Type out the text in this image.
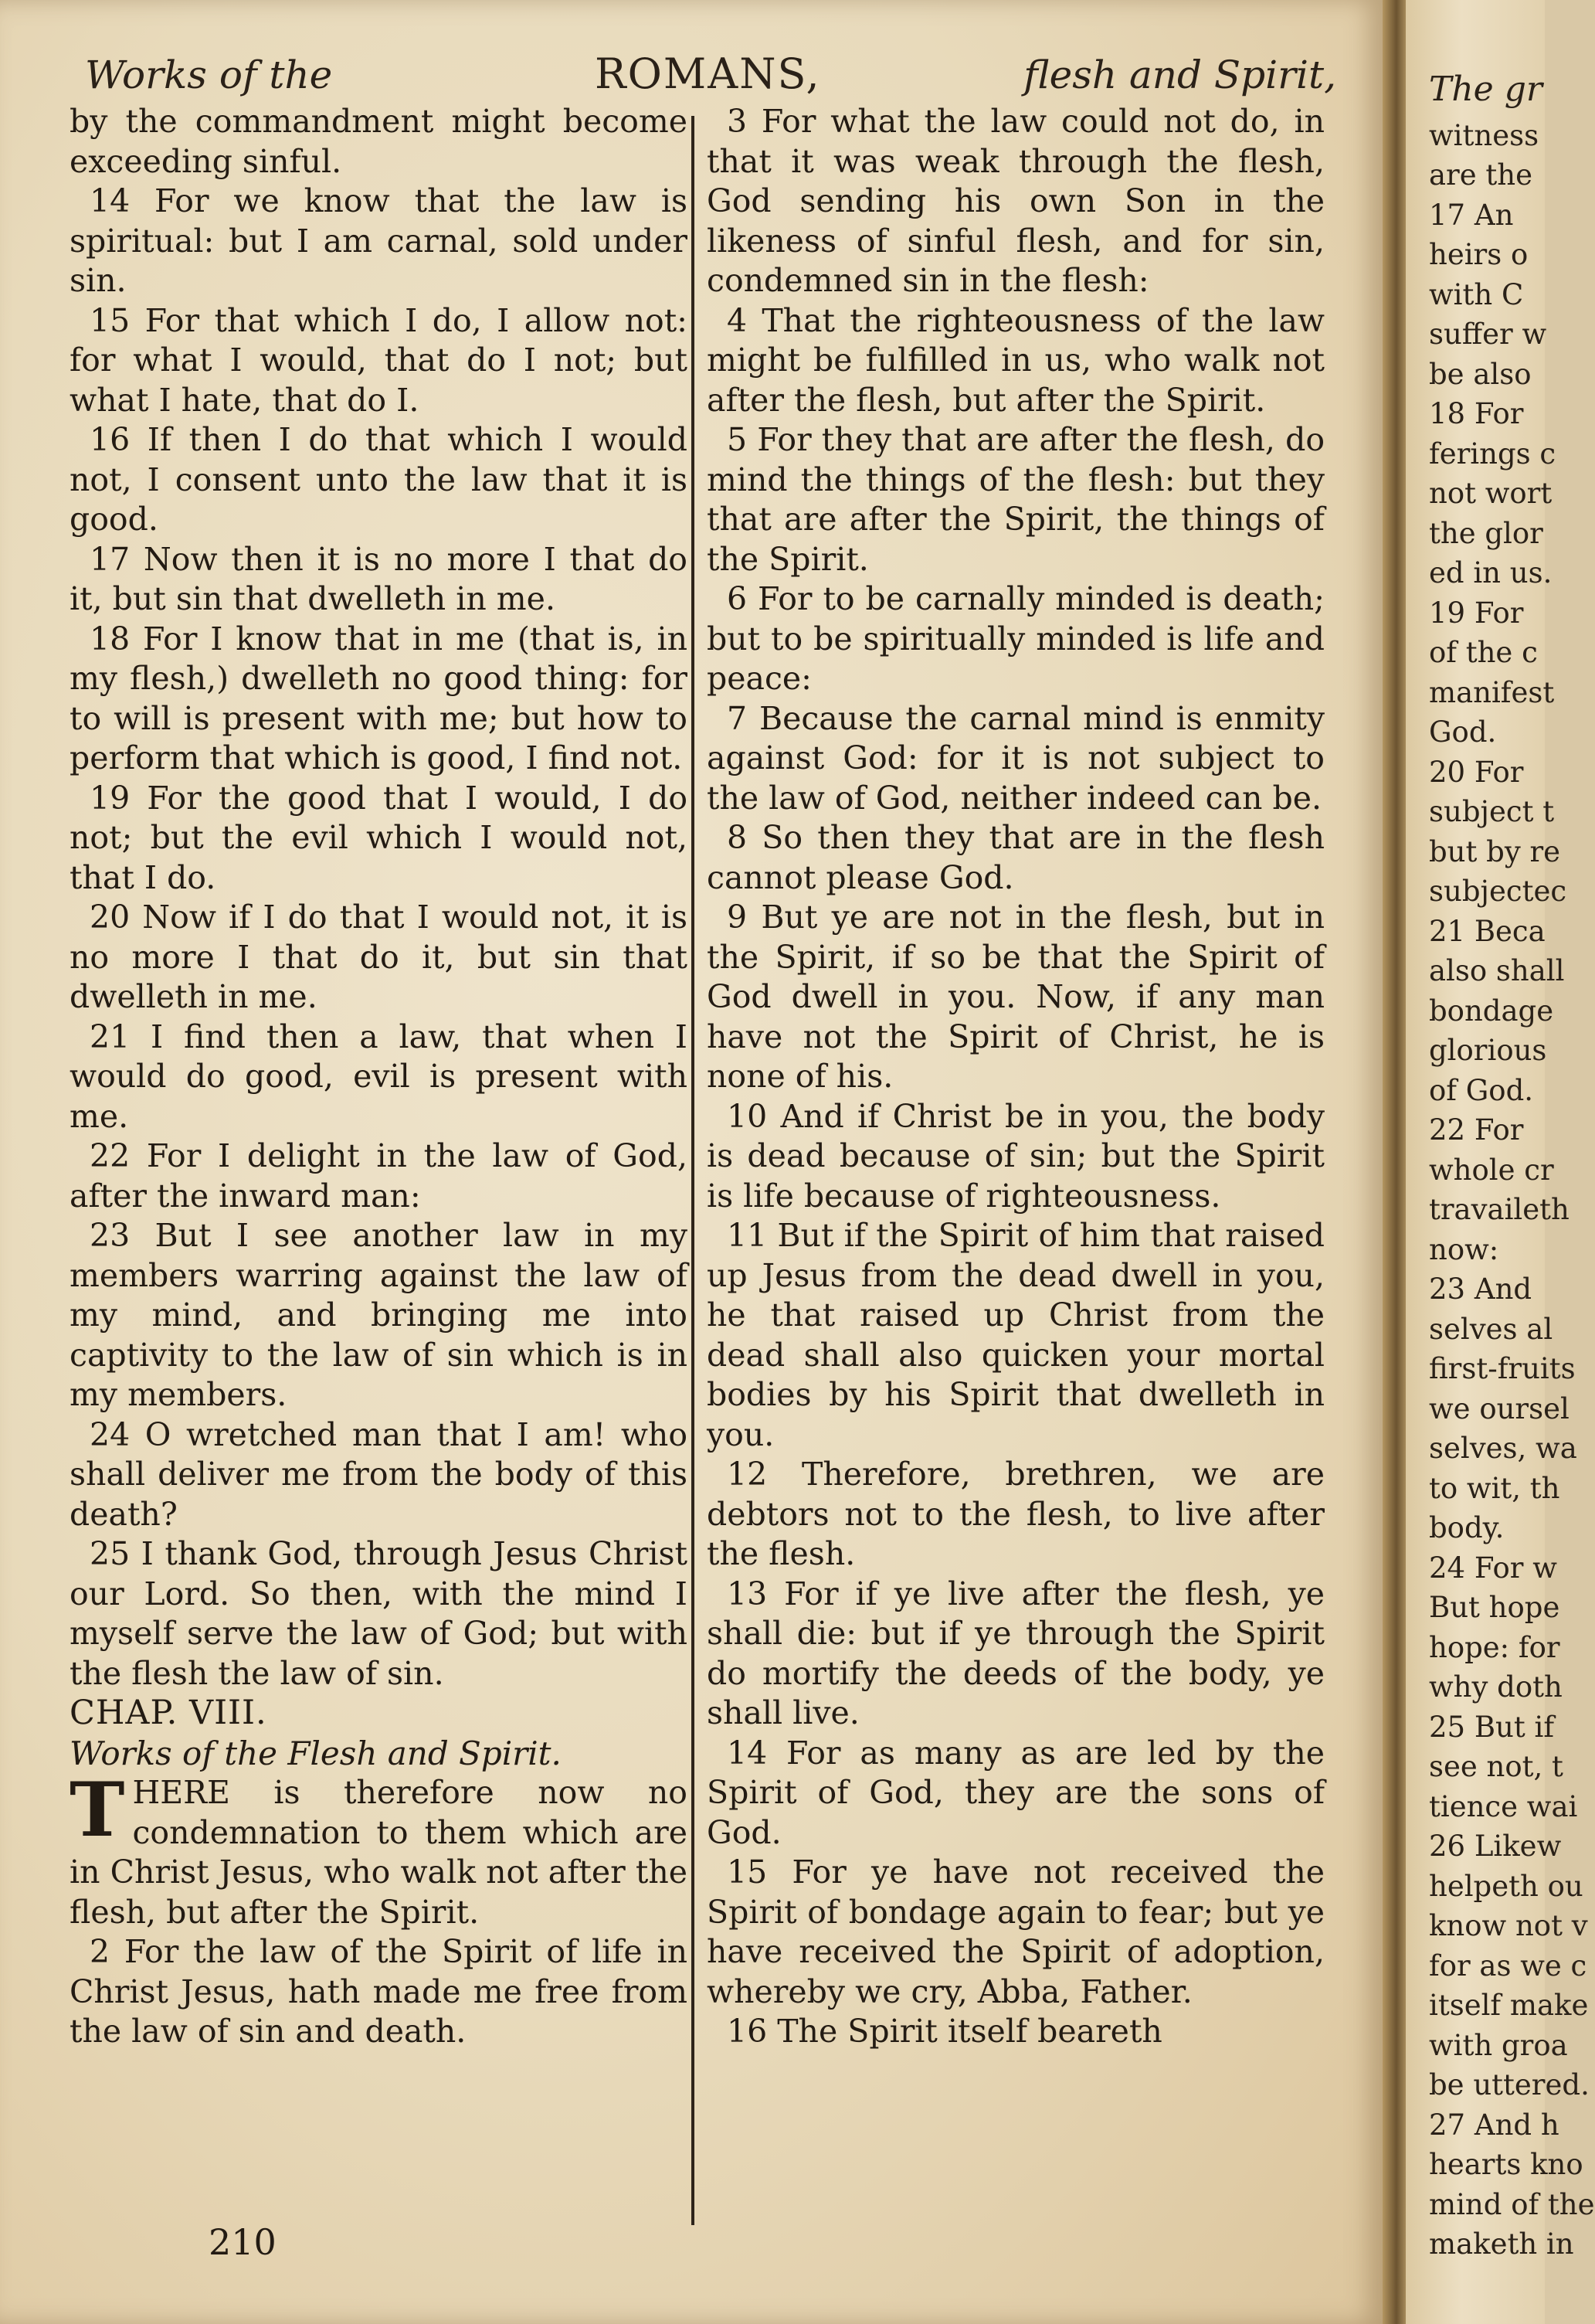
Works of the	ROMANS,	flesh and Spirit,

by the commandment might become exceeding sinful.

14 For we know that the law is spiritual: but I am carnal, sold under sin.

15 For that which I do, I allow not: for what I would, that do I not; but what I hate, that do I.

16 If then I do that which I would not, I consent unto the law that it is good.

17 Now then it is no more I that do it, but sin that dwelleth in me.

18 For I know that in me (that is, in my flesh,) dwelleth no good thing: for to will is present with me; but how to perform that which is good, I find not.

19 For the good that I would, I do not; but the evil which I would not, that I do.

20 Now if I do that I would not, it is no more I that do it, but sin that dwelleth in me.

21 I find then a law, that when I would do good, evil is present with me.

22 For I delight in the law of God, after the inward man:

23 But I see another law in my members warring against the law of my mind, and bringing me into captivity to the law of sin which is in my members.

24 O wretched man that I am! who shall deliver me from the body of this death?

25 I thank God, through Jesus Christ our Lord. So then, with the mind I myself serve the law of God; but with the flesh the law of sin.

CHAP. VIII.

Works of the Flesh and Spirit.

THERE is therefore now no condemnation to them which are in Christ Jesus, who walk not after the flesh, but after the Spirit.

2 For the law of the Spirit of life in Christ Jesus, hath made me free from the law of sin and death.

3 For what the law could not do, in that it was weak through the flesh, God sending his own Son in the likeness of sinful flesh, and for sin, condemned sin in the flesh:

4 That the righteousness of the law might be fulfilled in us, who walk not after the flesh, but after the Spirit.

5 For they that are after the flesh, do mind the things of the flesh: but they that are after the Spirit, the things of the Spirit.

6 For to be carnally minded is death; but to be spiritually minded is life and peace:

7 Because the carnal mind is enmity against God: for it is not subject to the law of God, neither indeed can be.

8 So then they that are in the flesh cannot please God.

9 But ye are not in the flesh, but in the Spirit, if so be that the Spirit of God dwell in you. Now, if any man have not the Spirit of Christ, he is none of his.

10 And if Christ be in you, the body is dead because of sin; but the Spirit is life because of righteousness.

11 But if the Spirit of him that raised up Jesus from the dead dwell in you, he that raised up Christ from the dead shall also quicken your mortal bodies by his Spirit that dwelleth in you.

12 Therefore, brethren, we are debtors not to the flesh, to live after the flesh.

13 For if ye live after the flesh, ye shall die: but if ye through the Spirit do mortify the deeds of the body, ye shall live.

14 For as many as are led by the Spirit of God, they are the sons of God.

15 For ye have not received the Spirit of bondage again to fear; but ye have received the Spirit of adoption, whereby we cry, Abba, Father.

16 The Spirit itself beareth

210
The gr

witness

are the

17 An

heirs o

with C

suffer w

be also

18 For

ferings c

not wort

the glor

ed in us.

19 For

of the c

manifest

God.

20 For

subject t

but by re

subjectec

21 Beca

also shall

bondage

glorious

of God.

22 For

whole cr

travaileth

now:

23 And

selves al

first-fruits

we oursel

selves, wa

to wit, th

body.

24 For w

But hope

hope: for

why doth

25 But if

see not, t

tience wai

26 Likew

helpeth ou

know not v

for as we c

itself make

with groa

be uttered.

27 And h

hearts kno

mind of the

maketh in
